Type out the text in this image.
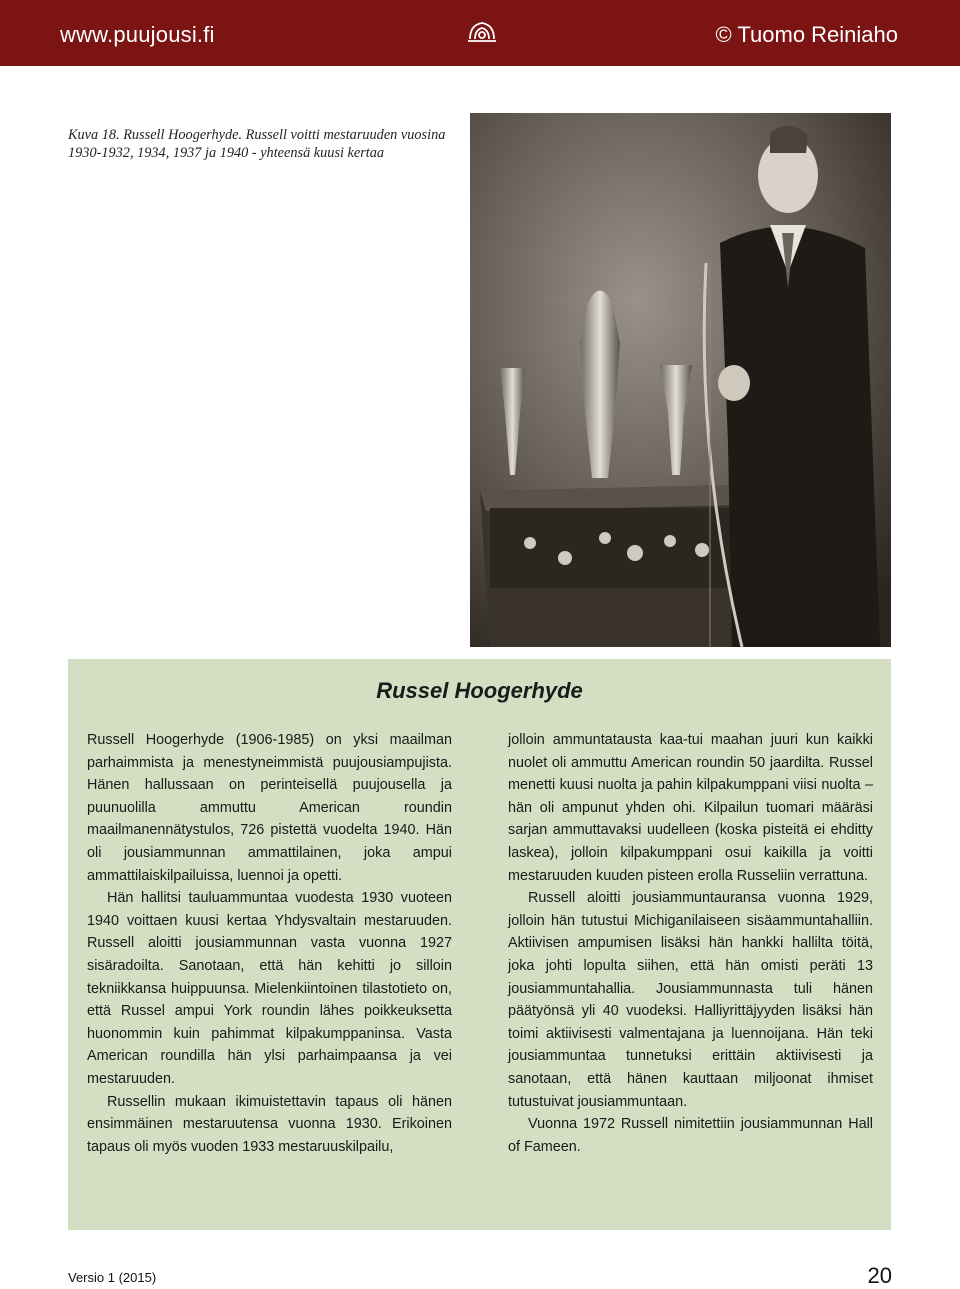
www.puujousi.fi	© Tuomo Reiniaho
Kuva 18. Russell Hoogerhyde. Russell voitti mestaruuden vuosina 1930-1932, 1934, 1937 ja 1940 - yhteensä kuusi kertaa
Russel Hoogerhyde

Russell Hoogerhyde (1906-1985) on yksi maailman parhaimmista ja menestyneimmistä puujousiampujista. Hänen hallussaan on perinteisellä puujousella ja puunuolilla ammuttu American roundin maailmanennätystulos, 726 pistettä vuodelta 1940. Hän oli jousiammunnan ammattilainen, joka ampui ammattilaiskilpailuissa, luennoi ja opetti.

Hän hallitsi tauluammuntaa vuodesta 1930 vuoteen 1940 voittaen kuusi kertaa Yhdysvaltain mestaruuden. Russell aloitti jousiammunnan vasta vuonna 1927 sisäradoilta. Sanotaan, että hän kehitti jo silloin tekniikkansa huippuunsa. Mielenkiintoinen tilastotieto on, että Russel ampui York roundin lähes poikkeuksetta huonommin kuin pahimmat kilpakumppaninsa. Vasta American roundilla hän ylsi parhaimpaansa ja vei mestaruuden.

Russellin mukaan ikimuistettavin tapaus oli hänen ensimmäinen mestaruutensa vuonna 1930. Erikoinen tapaus oli myös vuoden 1933 mestaruuskilpailu,

jolloin ammuntatausta kaa-tui maahan juuri kun kaikki nuolet oli ammuttu American roundin 50 jaardilta. Russel menetti kuusi nuolta ja pahin kilpakumppani viisi nuolta – hän oli ampunut yhden ohi. Kilpailun tuomari määräsi sarjan ammuttavaksi uudelleen (koska pisteitä ei ehditty laskea), jolloin kilpakumppani osui kaikilla ja voitti mestaruuden kuuden pisteen erolla Russeliin verrattuna.

Russell aloitti jousiammuntauransa vuonna 1929, jolloin hän tutustui Michiganilaiseen sisäammuntahalliin. Aktiivisen ampumisen lisäksi hän hankki hallilta töitä, joka johti lopulta siihen, että hän omisti peräti 13 jousiammuntahallia. Jousiammunnasta tuli hänen päätyönsä yli 40 vuodeksi. Halliyrittäjyyden lisäksi hän toimi aktiivisesti valmentajana ja luennoijana. Hän teki jousiammuntaa tunnetuksi erittäin aktiivisesti ja sanotaan, että hänen kauttaan miljoonat ihmiset tutustuivat jousiammuntaan.

Vuonna 1972 Russell nimitettiin jousiammunnan Hall of Fameen.

Versio 1 (2015)	20
